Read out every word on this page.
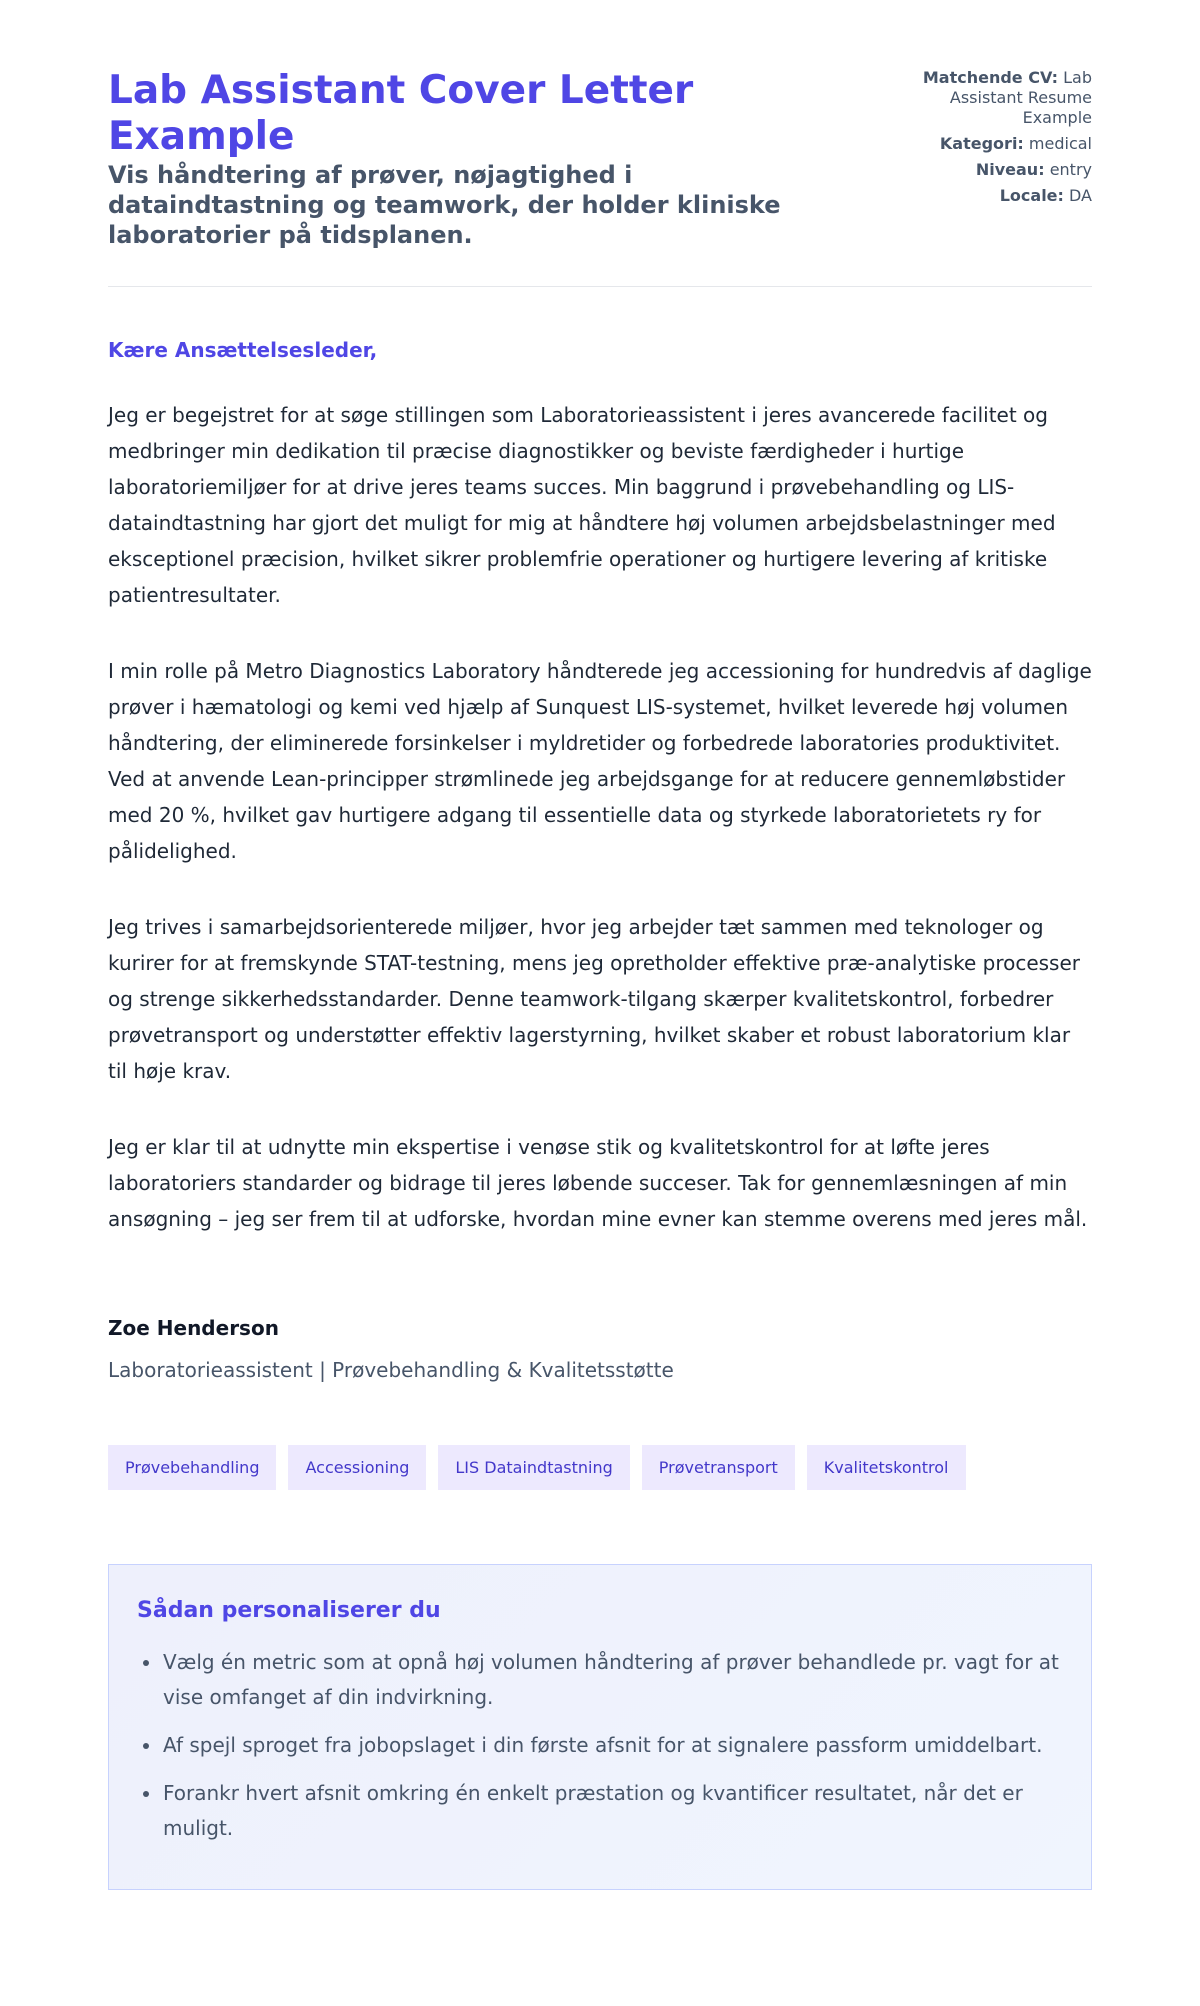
Lab Assistant Cover Letter Example
Vis håndtering af prøver, nøjagtighed i dataindtastning og teamwork, der holder kliniske laboratorier på tidsplanen.
Matchende CV: Lab Assistant Resume Example
Kategori: medical
Niveau: entry
Locale: DA

Kære Ansættelsesleder,

Jeg er begejstret for at søge stillingen som Laboratorieassistent i jeres avancerede facilitet og medbringer min dedikation til præcise diagnostikker og beviste færdigheder i hurtige laboratoriemiljøer for at drive jeres teams succes. Min baggrund i prøvebehandling og LIS-dataindtastning har gjort det muligt for mig at håndtere høj volumen arbejdsbelastninger med eksceptionel præcision, hvilket sikrer problemfrie operationer og hurtigere levering af kritiske patientresultater.

I min rolle på Metro Diagnostics Laboratory håndterede jeg accessioning for hundredvis af daglige prøver i hæmatologi og kemi ved hjælp af Sunquest LIS-systemet, hvilket leverede høj volumen håndtering, der eliminerede forsinkelser i myldretider og forbedrede laboratories produktivitet. Ved at anvende Lean-principper strømlinede jeg arbejdsgange for at reducere gennemløbstider med 20 %, hvilket gav hurtigere adgang til essentielle data og styrkede laboratorietets ry for pålidelighed.

Jeg trives i samarbejdsorienterede miljøer, hvor jeg arbejder tæt sammen med teknologer og kurirer for at fremskynde STAT-testning, mens jeg opretholder effektive præ-analytiske processer og strenge sikkerhedsstandarder. Denne teamwork-tilgang skærper kvalitetskontrol, forbedrer prøvetransport og understøtter effektiv lagerstyrning, hvilket skaber et robust laboratorium klar til høje krav.

Jeg er klar til at udnytte min ekspertise i venøse stik og kvalitetskontrol for at løfte jeres laboratoriers standarder og bidrage til jeres løbende succeser. Tak for gennemlæsningen af min ansøgning – jeg ser frem til at udforske, hvordan mine evner kan stemme overens med jeres mål.

Zoe Henderson

Laboratorieassistent | Prøvebehandling & Kvalitetsstøtte

Prøvebehandling	Accessioning	LIS Dataindtastning	Prøvetransport	Kvalitetskontrol
Sådan personaliserer du
Vælg én metric som at opnå høj volumen håndtering af prøver behandlede pr. vagt for at vise omfanget af din indvirkning.
Af spejl sproget fra jobopslaget i din første afsnit for at signalere passform umiddelbart.
Forankr hvert afsnit omkring én enkelt præstation og kvantificer resultatet, når det er muligt.
